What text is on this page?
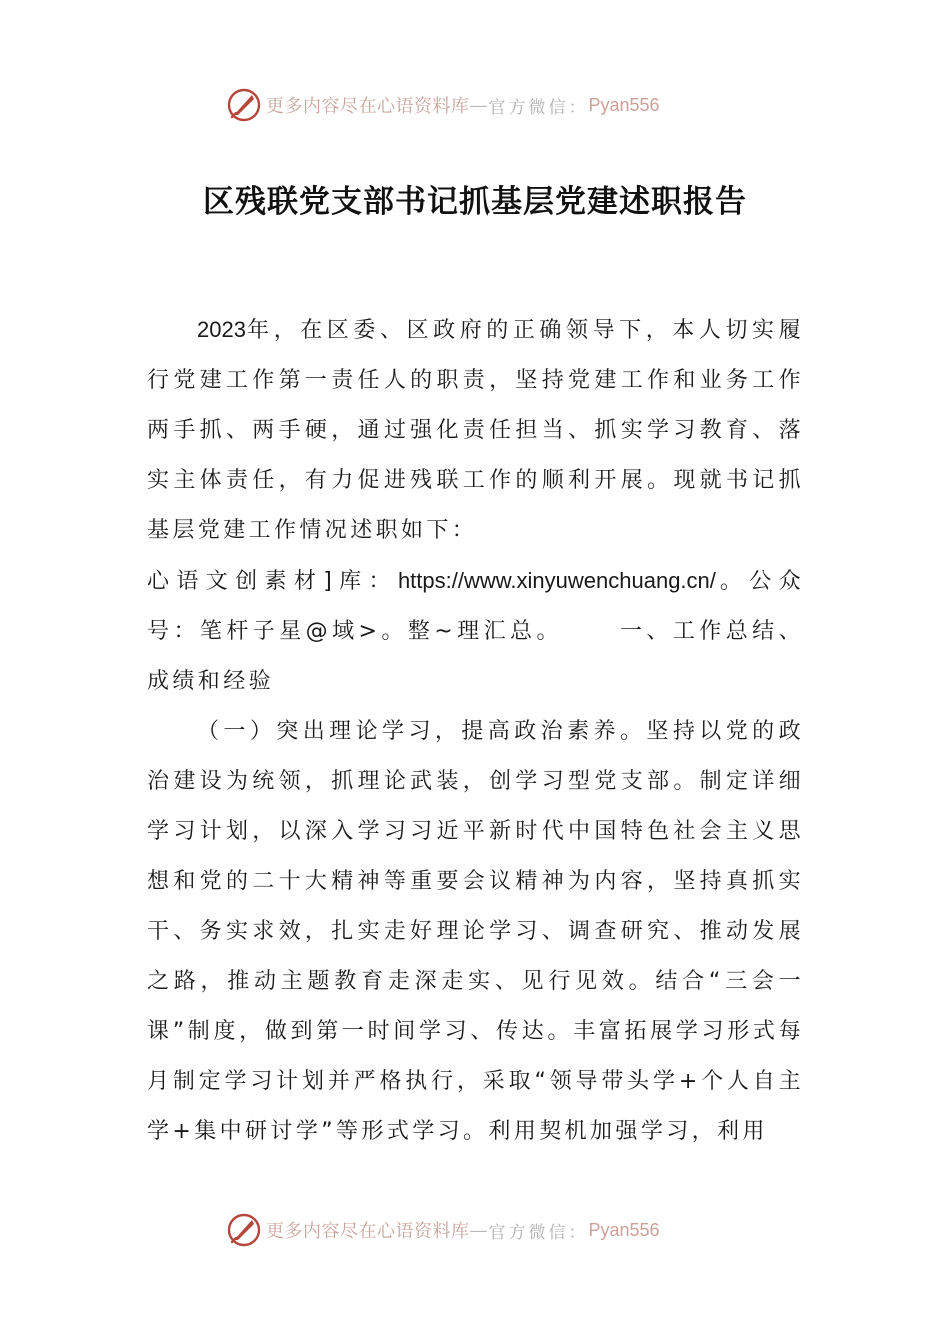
更多内容尽在心语资料库 — 官方微信： Pyan556
区残联党支部书记抓基层党建述职报告

2023年，在区委、区政府的正确领导下，本人切实履行党建工作第一责任人的职责，坚持党建工作和业务工作两手抓、两手硬，通过强化责任担当、抓实学习教育、落实主体责任，有力促进残联工作的顺利开展。现就书记抓基层党建工作情况述职如下：

心语文创素材]库：https://www.xinyuwenchuang.cn/。公众号：笔杆子星@域>。整~理汇总。	一、工作总结、成绩和经验

（一）突出理论学习，提高政治素养。坚持以党的政治建设为统领，抓理论武装，创学习型党支部。制定详细学习计划，以深入学习习近平新时代中国特色社会主义思想和党的二十大精神等重要会议精神为内容，坚持真抓实干、务实求效，扎实走好理论学习、调查研究、推动发展之路，推动主题教育走深走实、见行见效。结合“三会一课”制度，做到第一时间学习、传达。丰富拓展学习形式每月制定学习计划并严格执行，采取“领导带头学+个人自主学+集中研讨学”等形式学习。利用契机加强学习，利用

更多内容尽在心语资料库 — 官方微信： Pyan556
